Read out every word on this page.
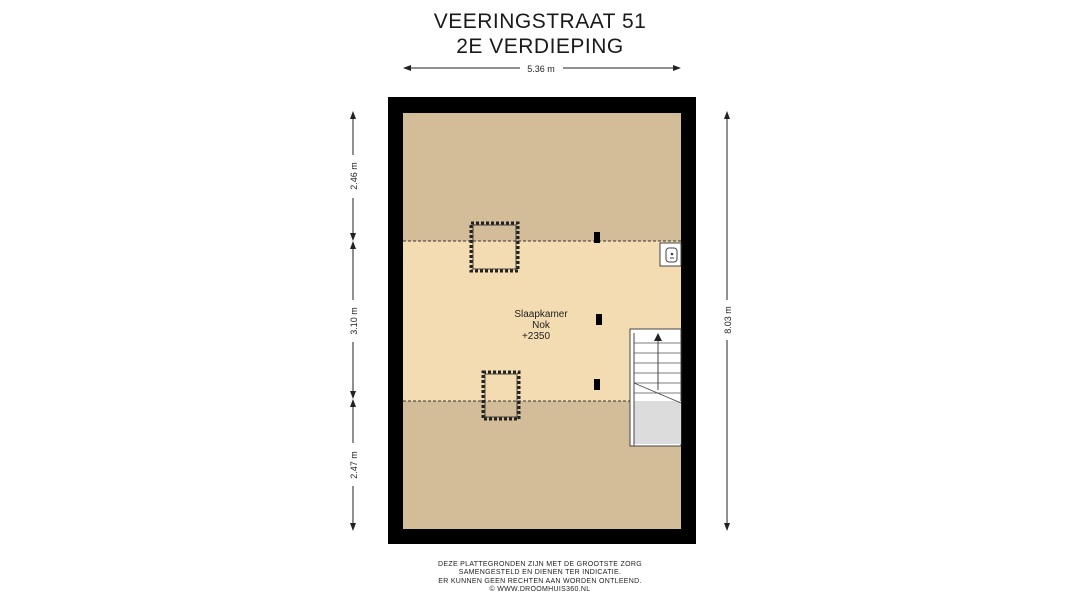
VEERINGSTRAAT 51
2E VERDIEPING
5.36 m
8.03 m
2.46 m
3.10 m
2.47 m
Slaapkamer
Nok
+2350
DEZE PLATTEGRONDEN ZIJN MET DE GROOTSTE ZORG
SAMENGESTELD EN DIENEN TER INDICATIE.
ER KUNNEN GEEN RECHTEN AAN WORDEN ONTLEEND.
© WWW.DROOMHUIS360.NL
